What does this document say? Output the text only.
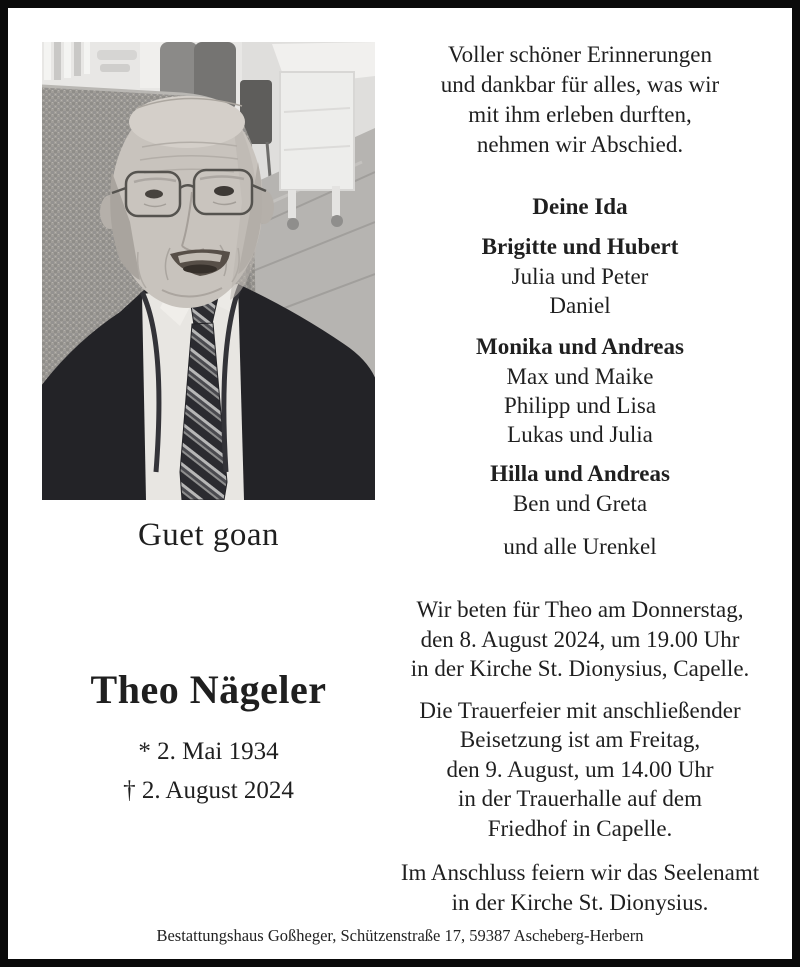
Guet goan
Theo Nägeler
* 2. Mai 1934
† 2. August 2024
Voller schöner Erinnerungen
und dankbar für alles, was wir
mit ihm erleben durften,
nehmen wir Abschied.
Deine Ida
Brigitte und Hubert
Julia und Peter
Daniel
Monika und Andreas
Max und Maike
Philipp und Lisa
Lukas und Julia
Hilla und Andreas
Ben und Greta
und alle Urenkel
Wir beten für Theo am Donnerstag,
den 8. August 2024, um 19.00 Uhr
in der Kirche St. Dionysius, Capelle.
Die Trauerfeier mit anschließender
Beisetzung ist am Freitag,
den 9. August, um 14.00 Uhr
in der Trauerhalle auf dem
Friedhof in Capelle.
Im Anschluss feiern wir das Seelenamt
in der Kirche St. Dionysius.
Bestattungshaus Goßheger, Schützenstraße 17, 59387 Ascheberg-Herbern
